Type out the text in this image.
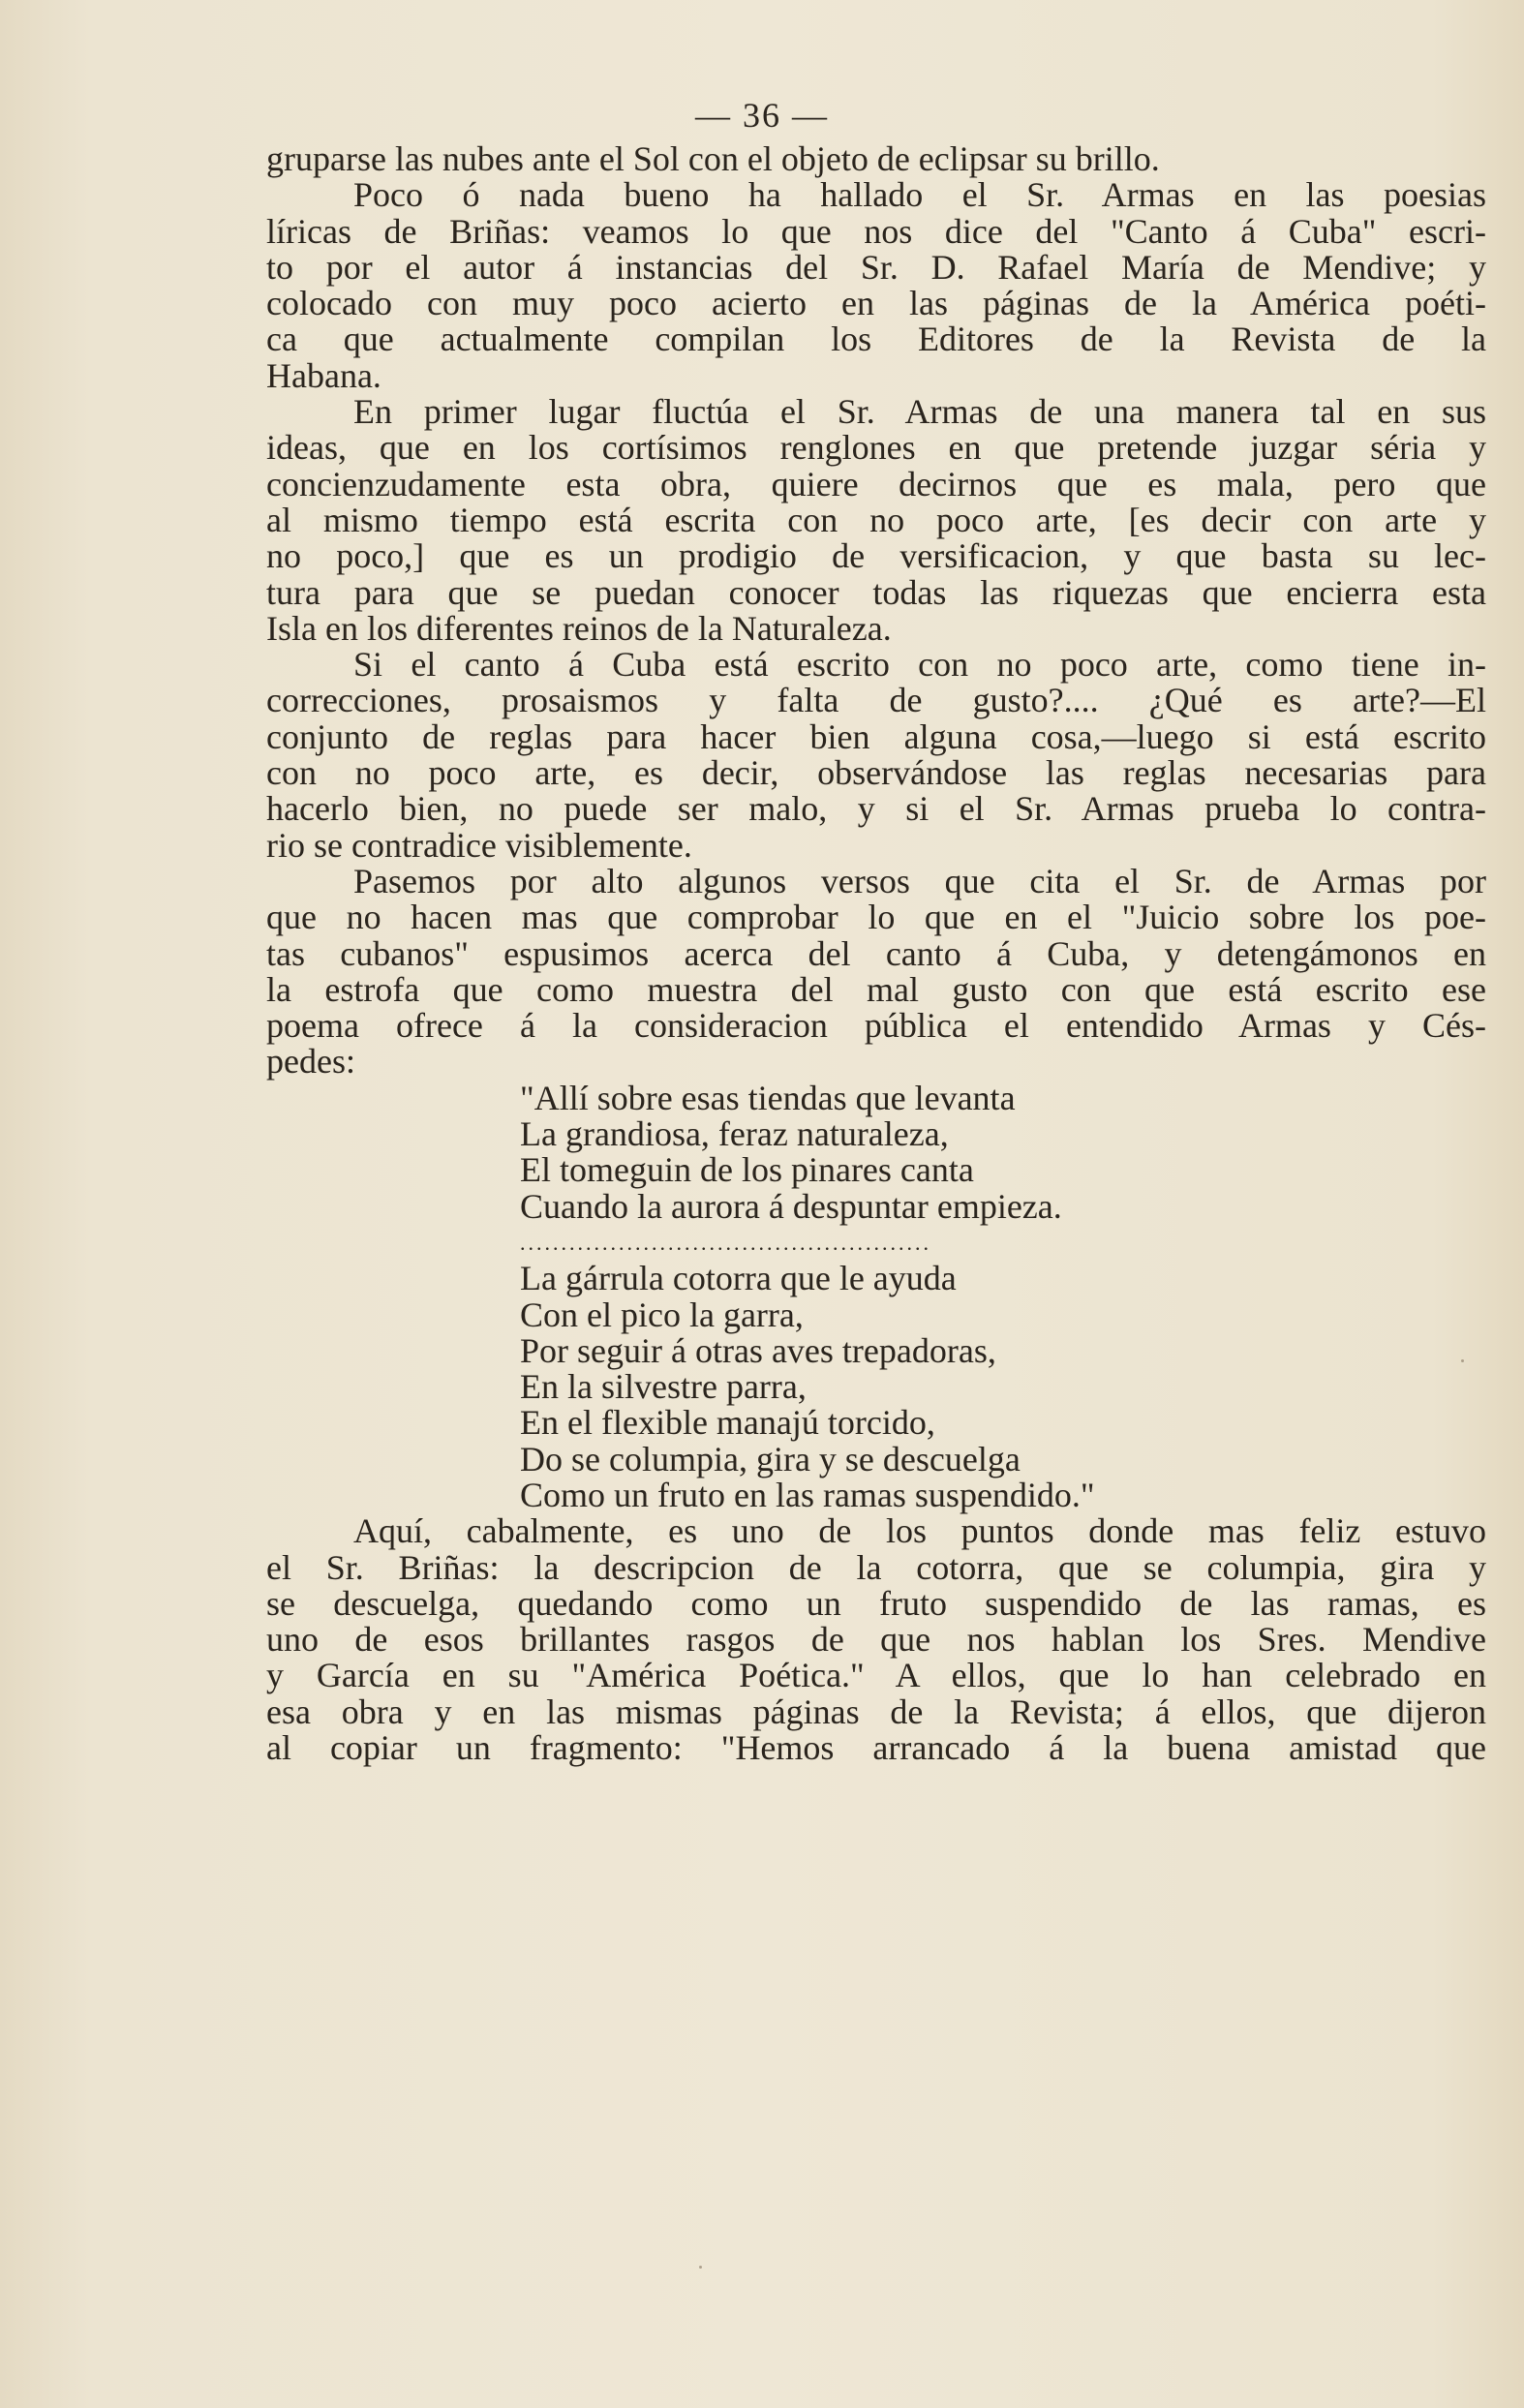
— 36 —
gruparse las nubes ante el Sol con el objeto de eclipsar su brillo.
Poco ó nada bueno ha hallado el Sr. Armas en las poesias
líricas de Briñas: veamos lo que nos dice del "Canto á Cuba" escri-
to por el autor á instancias del Sr. D. Rafael María de Mendive; y
colocado con muy poco acierto en las páginas de la América poéti-
ca que actualmente compilan los Editores de la Revista de la
Habana.
En primer lugar fluctúa el Sr. Armas de una manera tal en sus
ideas, que en los cortísimos renglones en que pretende juzgar séria y
concienzudamente esta obra, quiere decirnos que es mala, pero que
al mismo tiempo está escrita con no poco arte, [es decir con arte y
no poco,] que es un prodigio de versificacion, y que basta su lec-
tura para que se puedan conocer todas las riquezas que encierra esta
Isla en los diferentes reinos de la Naturaleza.
Si el canto á Cuba está escrito con no poco arte, como tiene in-
correcciones, prosaismos y falta de gusto?.... ¿Qué es arte?—El
conjunto de reglas para hacer bien alguna cosa,—luego si está escrito
con no poco arte, es decir, observándose las reglas necesarias para
hacerlo bien, no puede ser malo, y si el Sr. Armas prueba lo contra-
rio se contradice visiblemente.
Pasemos por alto algunos versos que cita el Sr. de Armas por
que no hacen mas que comprobar lo que en el "Juicio sobre los poe-
tas cubanos" espusimos acerca del canto á Cuba, y detengámonos en
la estrofa que como muestra del mal gusto con que está escrito ese
poema ofrece á la consideracion pública el entendido Armas y Cés-
pedes:
"Allí sobre esas tiendas que levanta
La grandiosa, feraz naturaleza,
El tomeguin de los pinares canta
Cuando la aurora á despuntar empieza.
..................................................
La gárrula cotorra que le ayuda
Con el pico la garra,
Por seguir á otras aves trepadoras,
En la silvestre parra,
En el flexible manajú torcido,
Do se columpia, gira y se descuelga
Como un fruto en las ramas suspendido."
Aquí, cabalmente, es uno de los puntos donde mas feliz estuvo
el Sr. Briñas: la descripcion de la cotorra, que se columpia, gira y
se descuelga, quedando como un fruto suspendido de las ramas, es
uno de esos brillantes rasgos de que nos hablan los Sres. Mendive
y García en su "América Poética." A ellos, que lo han celebrado en
esa obra y en las mismas páginas de la Revista; á ellos, que dijeron
al copiar un fragmento: "Hemos arrancado á la buena amistad que
